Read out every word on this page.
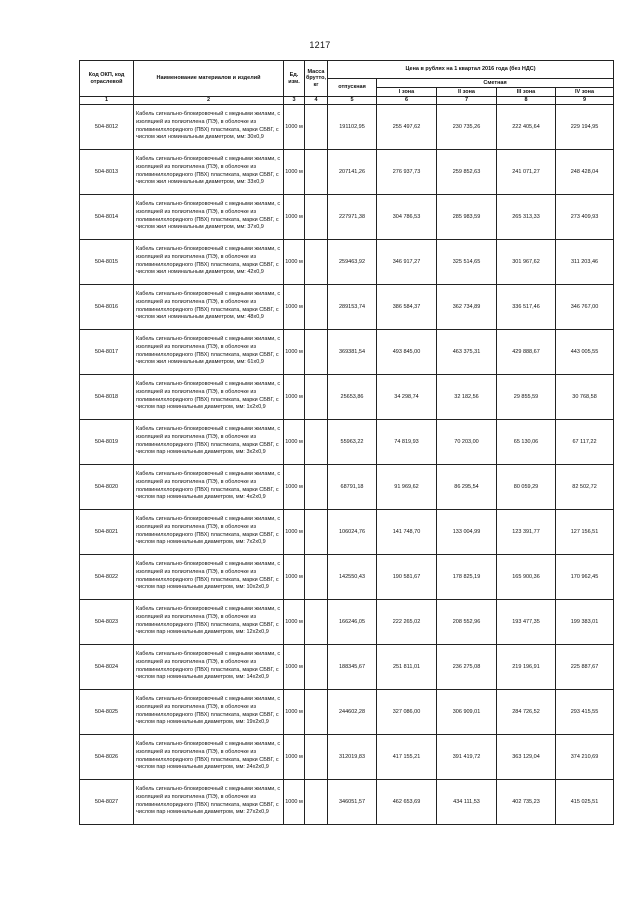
1217
Код ОКП, код отраслевой	Наименование материалов и изделий	Ед. изм.	Масса брутто, кг	Цена в рублях на 1 квартал 2016 года (без НДС)				
				отпускная	Сметная			
					I зона	II зона	III зона	IV зона
1	2	3	4	5	6	7	8	9
504-8012	Кабель сигнально-блокировочный с медными жилами, с изоляцией из полиэтилена (ПЭ), в оболочке из поливинилхлоридного (ПВХ) пластиката, марки СБВГ, с числом жил номинальным диаметром, мм: 30х0,9	1000 м		191102,95	255 497,62	230 735,26	222 405,64	229 194,95
504-8013	Кабель сигнально-блокировочный с медными жилами, с изоляцией из полиэтилена (ПЭ), в оболочке из поливинилхлоридного (ПВХ) пластиката, марки СБВГ, с числом жил номинальным диаметром, мм: 33х0,9	1000 м		207141,26	276 937,73	259 852,63	241 071,27	248 428,04
504-8014	Кабель сигнально-блокировочный с медными жилами, с изоляцией из полиэтилена (ПЭ), в оболочке из поливинилхлоридного (ПВХ) пластиката, марки СБВГ, с числом жил номинальным диаметром, мм: 37х0,9	1000 м		227971,38	304 786,53	285 983,59	265 313,33	273 409,93
504-8015	Кабель сигнально-блокировочный с медными жилами, с изоляцией из полиэтилена (ПЭ), в оболочке из поливинилхлоридного (ПВХ) пластиката, марки СБВГ, с числом жил номинальным диаметром, мм: 42х0,9	1000 м		259463,92	346 917,27	325 514,65	301 967,62	311 203,46
504-8016	Кабель сигнально-блокировочный с медными жилами, с изоляцией из полиэтилена (ПЭ), в оболочке из поливинилхлоридного (ПВХ) пластиката, марки СБВГ, с числом жил номинальным диаметром, мм: 48х0,9	1000 м		289153,74	386 584,37	362 734,89	336 517,46	346 767,00
504-8017	Кабель сигнально-блокировочный с медными жилами, с изоляцией из полиэтилена (ПЭ), в оболочке из поливинилхлоридного (ПВХ) пластиката, марки СБВГ, с числом жил номинальным диаметром, мм: 61х0,9	1000 м		369381,54	493 845,00	463 375,31	429 888,67	443 005,55
504-8018	Кабель сигнально-блокировочный с медными жилами, с изоляцией из полиэтилена (ПЭ), в оболочке из поливинилхлоридного (ПВХ) пластиката, марки СБВГ, с числом пар номинальным диаметром, мм: 1х2х0,9	1000 м		25653,86	34 298,74	32 182,56	29 855,59	30 768,58
504-8019	Кабель сигнально-блокировочный с медными жилами, с изоляцией из полиэтилена (ПЭ), в оболочке из поливинилхлоридного (ПВХ) пластиката, марки СБВГ, с числом пар номинальным диаметром, мм: 3х2х0,9	1000 м		55963,22	74 819,93	70 203,00	65 130,06	67 117,22
504-8020	Кабель сигнально-блокировочный с медными жилами, с изоляцией из полиэтилена (ПЭ), в оболочке из поливинилхлоридного (ПВХ) пластиката, марки СБВГ, с числом пар номинальным диаметром, мм: 4х2х0,9	1000 м		68791,18	91 969,62	86 295,54	80 059,29	82 502,72
504-8021	Кабель сигнально-блокировочный с медными жилами, с изоляцией из полиэтилена (ПЭ), в оболочке из поливинилхлоридного (ПВХ) пластиката, марки СБВГ, с числом пар номинальным диаметром, мм: 7х2х0,9	1000 м		106024,76	141 748,70	133 004,99	123 391,77	127 156,51
504-8022	Кабель сигнально-блокировочный с медными жилами, с изоляцией из полиэтилена (ПЭ), в оболочке из поливинилхлоридного (ПВХ) пластиката, марки СБВГ, с числом пар номинальным диаметром, мм: 10х2х0,9	1000 м		142550,43	190 581,67	178 825,19	165 900,36	170 962,45
504-8023	Кабель сигнально-блокировочный с медными жилами, с изоляцией из полиэтилена (ПЭ), в оболочке из поливинилхлоридного (ПВХ) пластиката, марки СБВГ, с числом пар номинальным диаметром, мм: 12х2х0,9	1000 м		166246,05	222 265,02	208 552,96	193 477,35	199 383,01
504-8024	Кабель сигнально-блокировочный с медными жилами, с изоляцией из полиэтилена (ПЭ), в оболочке из поливинилхлоридного (ПВХ) пластиката, марки СБВГ, с числом пар номинальным диаметром, мм: 14х2х0,9	1000 м		188345,67	251 811,01	236 275,08	219 196,91	225 887,67
504-8025	Кабель сигнально-блокировочный с медными жилами, с изоляцией из полиэтилена (ПЭ), в оболочке из поливинилхлоридного (ПВХ) пластиката, марки СБВГ, с числом пар номинальным диаметром, мм: 19х2х0,9	1000 м		244602,28	327 086,00	306 909,01	284 726,52	293 415,55
504-8026	Кабель сигнально-блокировочный с медными жилами, с изоляцией из полиэтилена (ПЭ), в оболочке из поливинилхлоридного (ПВХ) пластиката, марки СБВГ, с числом пар номинальным диаметром, мм: 24х2х0,9	1000 м		312019,83	417 155,21	391 419,72	363 129,04	374 210,69
504-8027	Кабель сигнально-блокировочный с медными жилами, с изоляцией из полиэтилена (ПЭ), в оболочке из поливинилхлоридного (ПВХ) пластиката, марки СБВГ, с числом пар номинальным диаметром, мм: 27х2х0,9	1000 м		346051,57	462 653,69	434 111,53	402 735,23	415 025,51
